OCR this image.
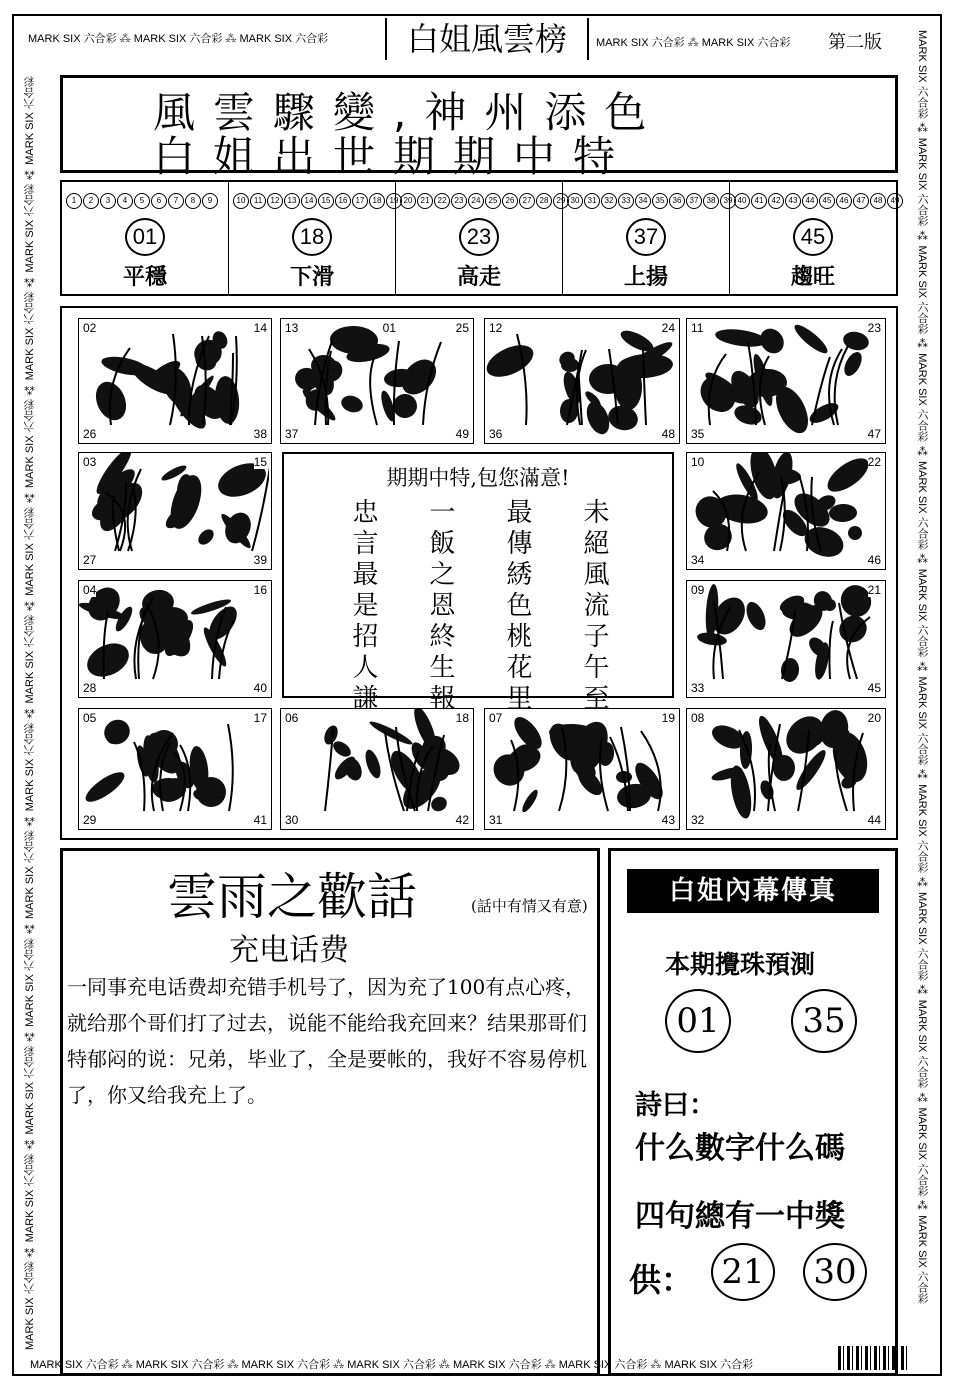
MARK SIX 六合彩 ⁂ MARK SIX 六合彩 ⁂ MARK SIX 六合彩	白姐風雲榜	MARK SIX 六合彩 ⁂ MARK SIX 六合彩	第二版
MARK SIX 六合彩 ⁂ MARK SIX 六合彩 ⁂ MARK SIX 六合彩 ⁂ MARK SIX 六合彩 ⁂ MARK SIX 六合彩 ⁂ MARK SIX 六合彩 ⁂ MARK SIX 六合彩 ⁂ MARK SIX 六合彩 ⁂ MARK SIX 六合彩 ⁂ MARK SIX 六合彩 ⁂ MARK SIX 六合彩 ⁂ MARK SIX 六合彩
MARK SIX 六合彩 ⁂ MARK SIX 六合彩 ⁂ MARK SIX 六合彩 ⁂ MARK SIX 六合彩 ⁂ MARK SIX 六合彩 ⁂ MARK SIX 六合彩 ⁂ MARK SIX 六合彩 ⁂ MARK SIX 六合彩 ⁂ MARK SIX 六合彩 ⁂ MARK SIX 六合彩 ⁂ MARK SIX 六合彩 ⁂ MARK SIX 六合彩
MARK SIX 六合彩 ⁂ MARK SIX 六合彩 ⁂ MARK SIX 六合彩 ⁂ MARK SIX 六合彩 ⁂ MARK SIX 六合彩 ⁂ MARK SIX 六合彩 ⁂ MARK SIX 六合彩
風雲驟變,神州添色
白姐出世期期中特
1 2 3 4 5 6 7 8 9
01
平穩
10 11 12 13 14 15 16 17 18 19
18
下滑
20 21 22 23 24 25 26 27 28 29
23
高走
30 31 32 33 34 35 36 37 38 39
37
上揚
40 41 42 43 44 45 46 47 48 49
45
趨旺
02	14
26	38
13	01
37	49
25 12	24
36	48
11	23
35	47
03	15
27	39
10	22
34	46
04	16
28	40
09	21
33	45
05	17
29	41
06	18
30	42
07	19
31	43
08	20
32	44
期期中特,包您滿意!
忠言最是招人謙 一飯之恩終生報 最傳綉色桃花里 未絕風流子午至
雲雨之歡話	(話中有情又有意)
充电话费
一同事充电话费却充错手机号了，因为充了100有点心疼，就给那个哥们打了过去，说能不能给我充回来？结果那哥们特郁闷的说：兄弟，毕业了，全是要帐的，我好不容易停机了，你又给我充上了。
白姐內幕傳真
本期攪珠預測
01	35
詩曰：
什么數字什么碼
四句總有一中獎
供： 21	30
